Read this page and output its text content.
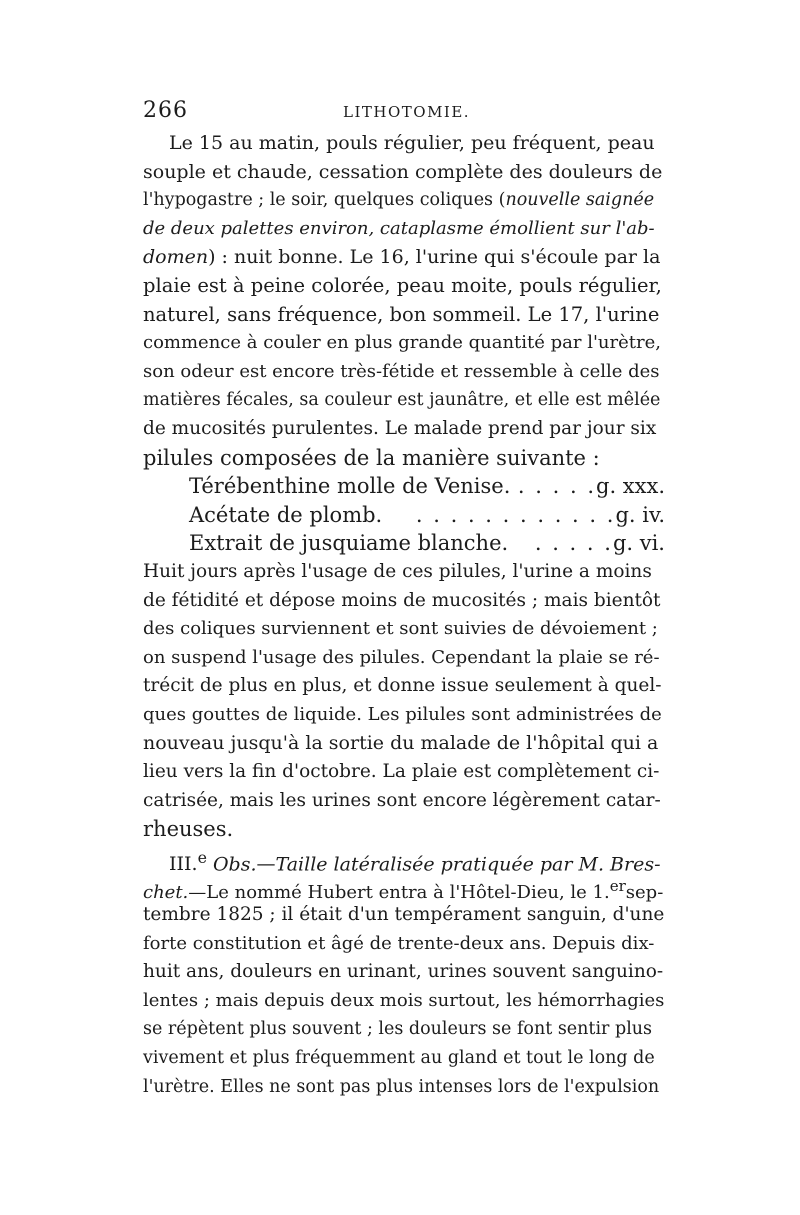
266	LITHOTOMIE.
Le 15 au matin, pouls régulier, peu fréquent, peau
souple et chaude, cessation complète des douleurs de
l'hypogastre ; le soir, quelques coliques (nouvelle saignée
de deux palettes environ, cataplasme émollient sur l'ab-
domen) : nuit bonne. Le 16, l'urine qui s'écoule par la
plaie est à peine colorée, peau moite, pouls régulier,
naturel, sans fréquence, bon sommeil. Le 17, l'urine
commence à couler en plus grande quantité par l'urètre,
son odeur est encore très-fétide et ressemble à celle des
matières fécales, sa couleur est jaunâtre, et elle est mêlée
de mucosités purulentes. Le malade prend par jour six
pilules composées de la manière suivante :
Térébenthine molle de Venise. . . . . . g. xxx.
Acétate de plomb.	. . . . . . . . . . . . g. iv.
Extrait de jusquiame blanche.	. . . . . g. vi.
Huit jours après l'usage de ces pilules, l'urine a moins
de fétidité et dépose moins de mucosités ; mais bientôt
des coliques surviennent et sont suivies de dévoiement ;
on suspend l'usage des pilules. Cependant la plaie se ré-
trécit de plus en plus, et donne issue seulement à quel-
ques gouttes de liquide. Les pilules sont administrées de
nouveau jusqu'à la sortie du malade de l'hôpital qui a
lieu vers la fin d'octobre. La plaie est complètement ci-
catrisée, mais les urines sont encore légèrement catar-
rheuses.
III.$^e$ Obs.—Taille latéralisée pratiquée par M. Bres-
chet.—Le nommé Hubert entra à l'Hôtel-Dieu, le 1.$^{er}$sep-
tembre 1825 ; il était d'un tempérament sanguin, d'une
forte constitution et âgé de trente-deux ans. Depuis dix-
huit ans, douleurs en urinant, urines souvent sanguino-
lentes ; mais depuis deux mois surtout, les hémorrhagies
se répètent plus souvent ; les douleurs se font sentir plus
vivement et plus fréquemment au gland et tout le long de
l'urètre. Elles ne sont pas plus intenses lors de l'expulsion
